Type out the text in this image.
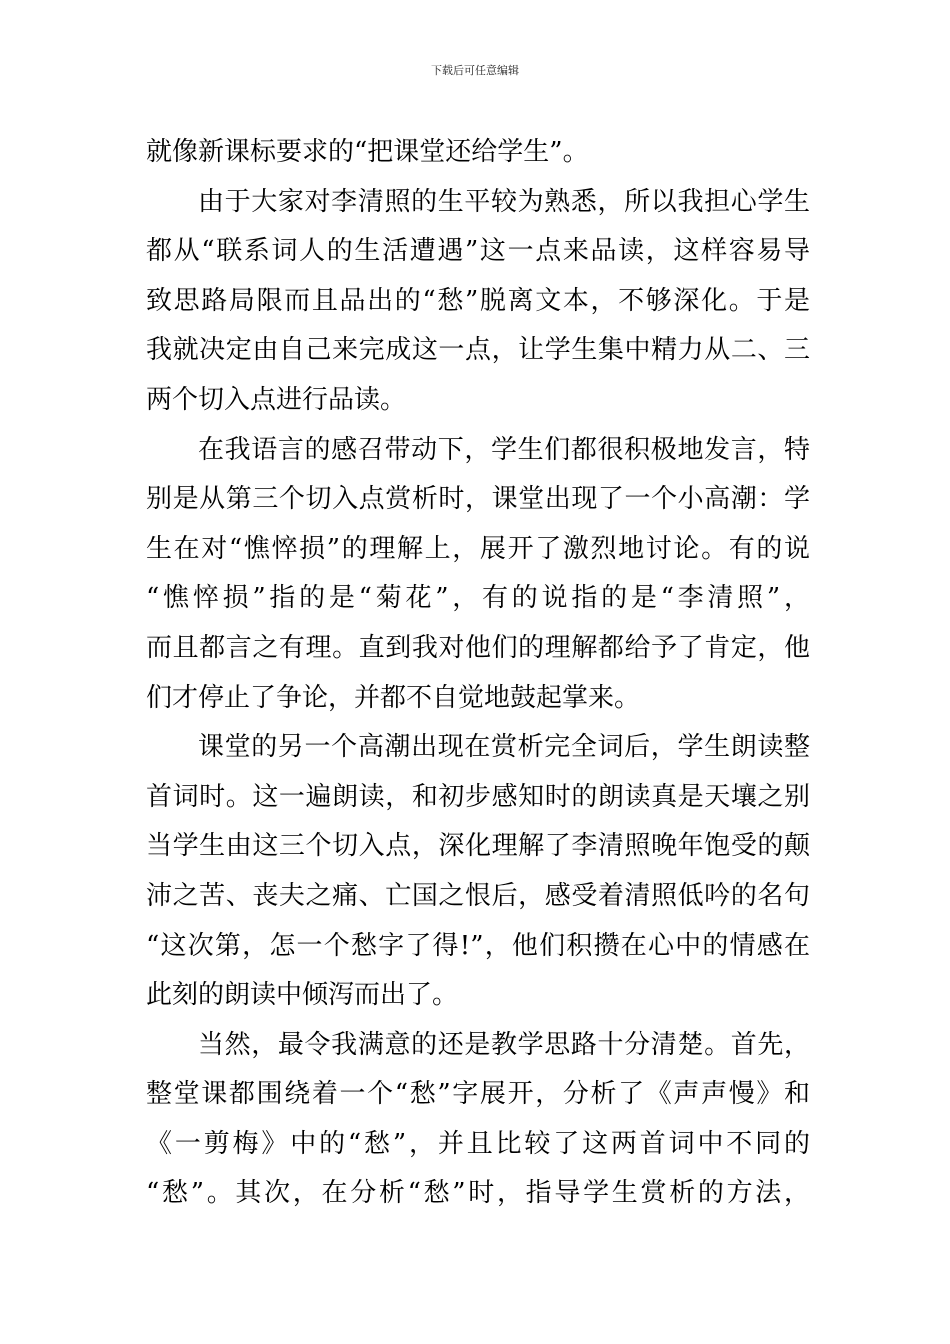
下载后可任意编辑
就像新课标要求的“把课堂还给学生”。
由于大家对李清照的生平较为熟悉，所以我担心学生
都从“联系词人的生活遭遇”这一点来品读，这样容易导
致思路局限而且品出的“愁”脱离文本，不够深化。于是
我就决定由自己来完成这一点，让学生集中精力从二、三
两个切入点进行品读。
在我语言的感召带动下，学生们都很积极地发言，特
别是从第三个切入点赏析时，课堂出现了一个小高潮：学
生在对“憔悴损”的理解上，展开了激烈地讨论。有的说
“憔悴损”指的是“菊花”，有的说指的是“李清照”，
而且都言之有理。直到我对他们的理解都给予了肯定，他
们才停止了争论，并都不自觉地鼓起掌来。
课堂的另一个高潮出现在赏析完全词后，学生朗读整
首词时。这一遍朗读，和初步感知时的朗读真是天壤之别
当学生由这三个切入点，深化理解了李清照晚年饱受的颠
沛之苦、丧夫之痛、亡国之恨后，感受着清照低吟的名句
“这次第，怎一个愁字了得!”，他们积攒在心中的情感在
此刻的朗读中倾泻而出了。
当然，最令我满意的还是教学思路十分清楚。首先，
整堂课都围绕着一个“愁”字展开，分析了《声声慢》和
《一剪梅》中的“愁”，并且比较了这两首词中不同的
“愁”。其次，在分析“愁”时，指导学生赏析的方法，
